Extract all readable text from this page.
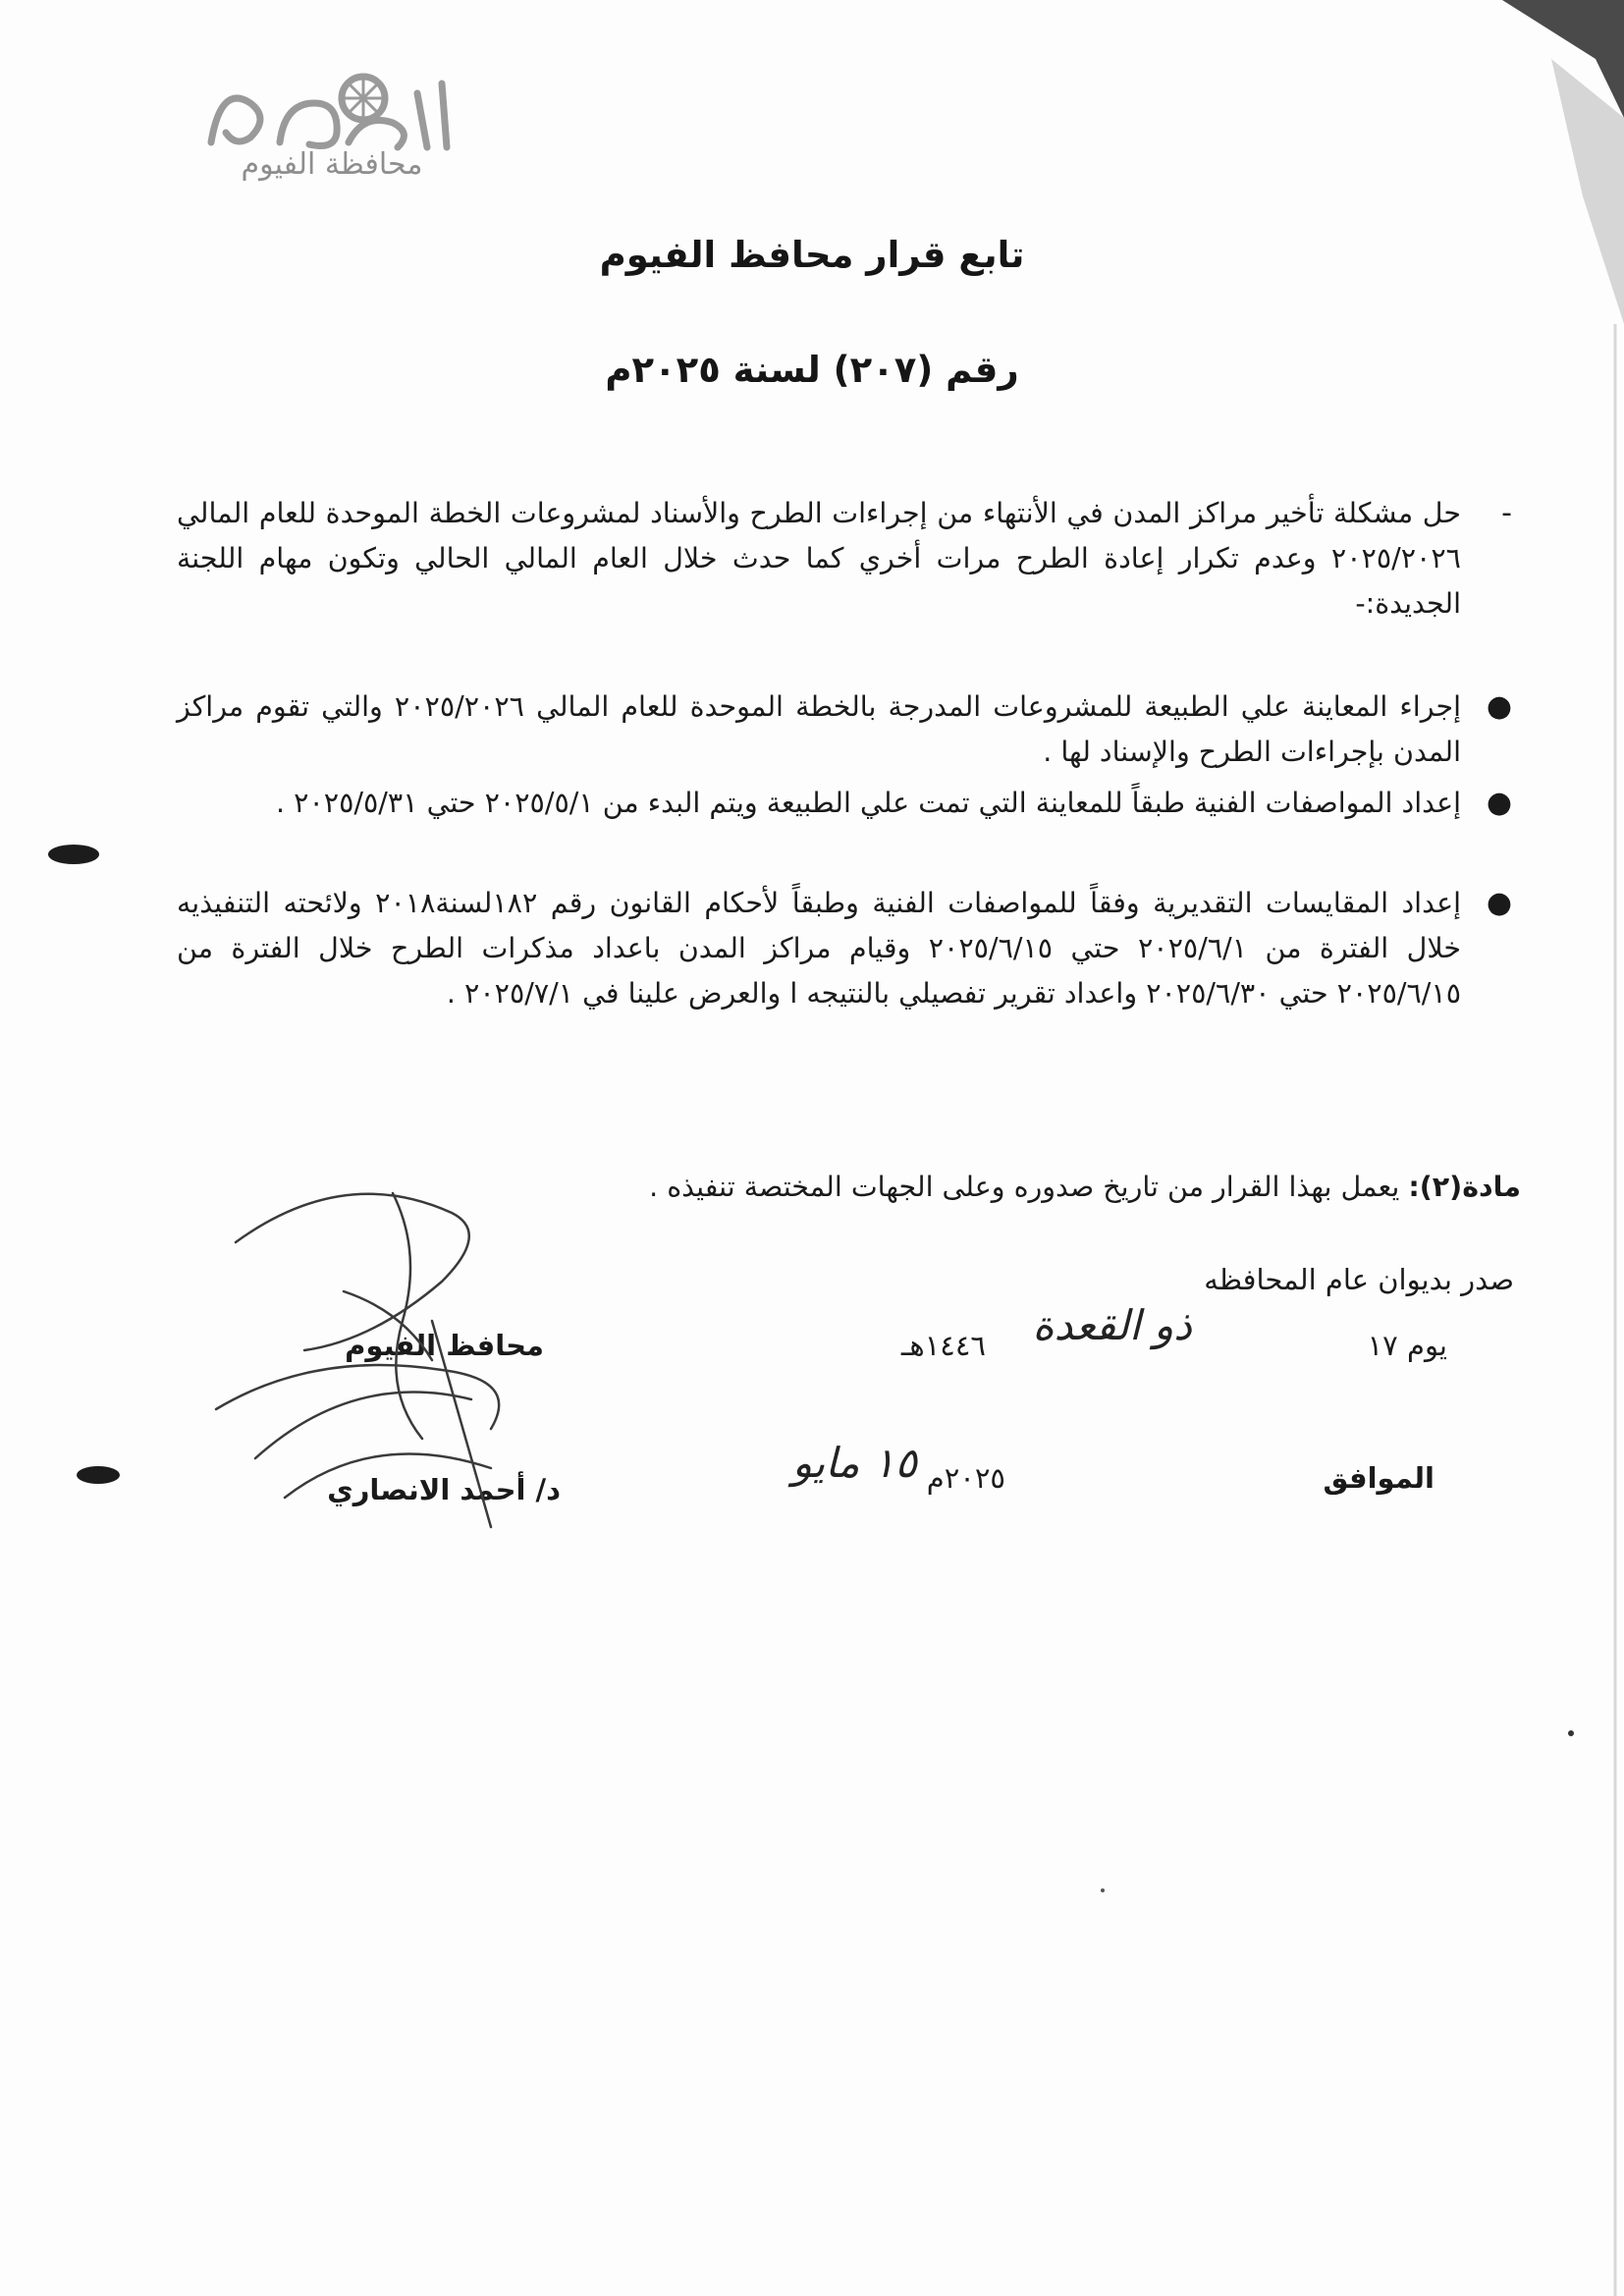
محافظة الفيوم
تابع قرار محافظ الفيوم
رقم (٢٠٧) لسنة ٢٠٢٥م

-
حل مشكلة تأخير مراكز المدن في الأنتهاء من إجراءات الطرح والأسناد لمشروعات الخطة الموحدة للعام المالي ٢٠٢٥/٢٠٢٦ وعدم تكرار إعادة الطرح مرات أخري كما حدث خلال العام المالي الحالي وتكون مهام اللجنة الجديدة:-

●
إجراء المعاينة علي الطبيعة للمشروعات المدرجة بالخطة الموحدة للعام المالي ٢٠٢٥/٢٠٢٦ والتي تقوم مراكز المدن بإجراءات الطرح والإسناد لها .

●
إعداد المواصفات الفنية طبقاً للمعاينة التي تمت علي الطبيعة ويتم البدء من ٢٠٢٥/٥/١ حتي ٢٠٢٥/٥/٣١ .

●
إعداد المقايسات التقديرية وفقاً للمواصفات الفنية وطبقاً لأحكام القانون رقم ١٨٢لسنة٢٠١٨ ولائحته التنفيذيه خلال الفترة من ٢٠٢٥/٦/١ حتي ٢٠٢٥/٦/١٥ وقيام مراكز المدن باعداد مذكرات الطرح خلال الفترة من ٢٠٢٥/٦/١٥ حتي ٢٠٢٥/٦/٣٠ واعداد تقرير تفصيلي بالنتيجه ا والعرض علينا في ٢٠٢٥/٧/١ .

مادة(٢): يعمل بهذا القرار من تاريخ صدوره وعلى الجهات المختصة تنفيذه .
صدر بديوان عام المحافظه
يوم ١٧
ذو القعدة
١٤٤٦هـ
محافظ الفيوم
الموافق
١٥ مايو ٢٠٢٥م
د/ أحمد الانصاري
